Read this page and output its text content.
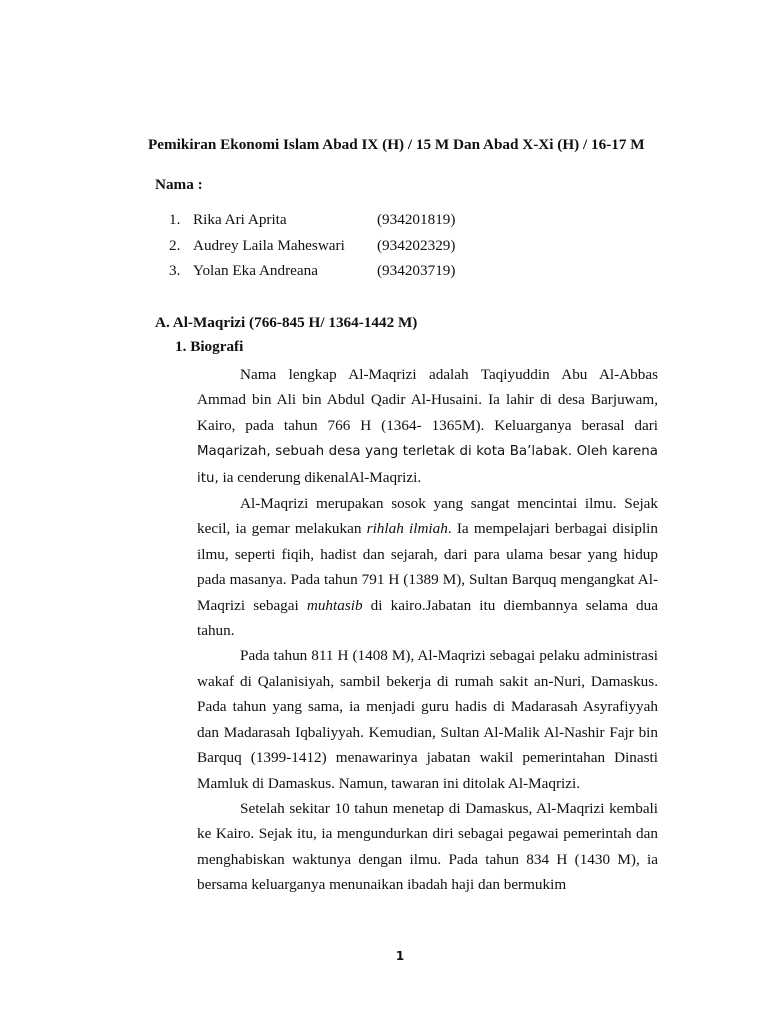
Pemikiran Ekonomi Islam Abad IX (H) / 15 M Dan Abad X-Xi (H) / 16-17 M
Nama :
1. Rika Ari Aprita	(934201819)
2. Audrey Laila Maheswari (934202329)
3. Yolan Eka Andreana	(934203719)
A. Al-Maqrizi (766-845 H/ 1364-1442 M)
1. Biografi

Nama lengkap Al-Maqrizi adalah Taqiyuddin Abu Al-Abbas Ammad bin Ali bin Abdul Qadir Al-Husaini. Ia lahir di desa Barjuwam, Kairo, pada tahun 766 H (1364- 1365M). Keluarganya berasal dari Maqarizah, sebuah desa yang terletak di kota Ba’labak. Oleh karena itu, ia cenderung dikenalAl-Maqrizi.

Al-Maqrizi merupakan sosok yang sangat mencintai ilmu. Sejak kecil, ia gemar melakukan rihlah ilmiah. Ia mempelajari berbagai disiplin ilmu, seperti fiqih, hadist dan sejarah, dari para ulama besar yang hidup pada masanya. Pada tahun 791 H (1389 M), Sultan Barquq mengangkat Al-Maqrizi sebagai muhtasib di kairo.Jabatan itu diembannya selama dua tahun.

Pada tahun 811 H (1408 M), Al-Maqrizi sebagai pelaku administrasi wakaf di Qalanisiyah, sambil bekerja di rumah sakit an-Nuri, Damaskus. Pada tahun yang sama, ia menjadi guru hadis di Madarasah Asyrafiyyah dan Madarasah Iqbaliyyah. Kemudian, Sultan Al-Malik Al-Nashir Fajr bin Barquq (1399-1412) menawarinya jabatan wakil pemerintahan Dinasti Mamluk di Damaskus. Namun, tawaran ini ditolak Al-Maqrizi.

Setelah sekitar 10 tahun menetap di Damaskus, Al-Maqrizi kembali ke Kairo. Sejak itu, ia mengundurkan diri sebagai pegawai pemerintah dan menghabiskan waktunya dengan ilmu. Pada tahun 834 H (1430 M), ia bersama keluarganya menunaikan ibadah haji dan bermukim

1
